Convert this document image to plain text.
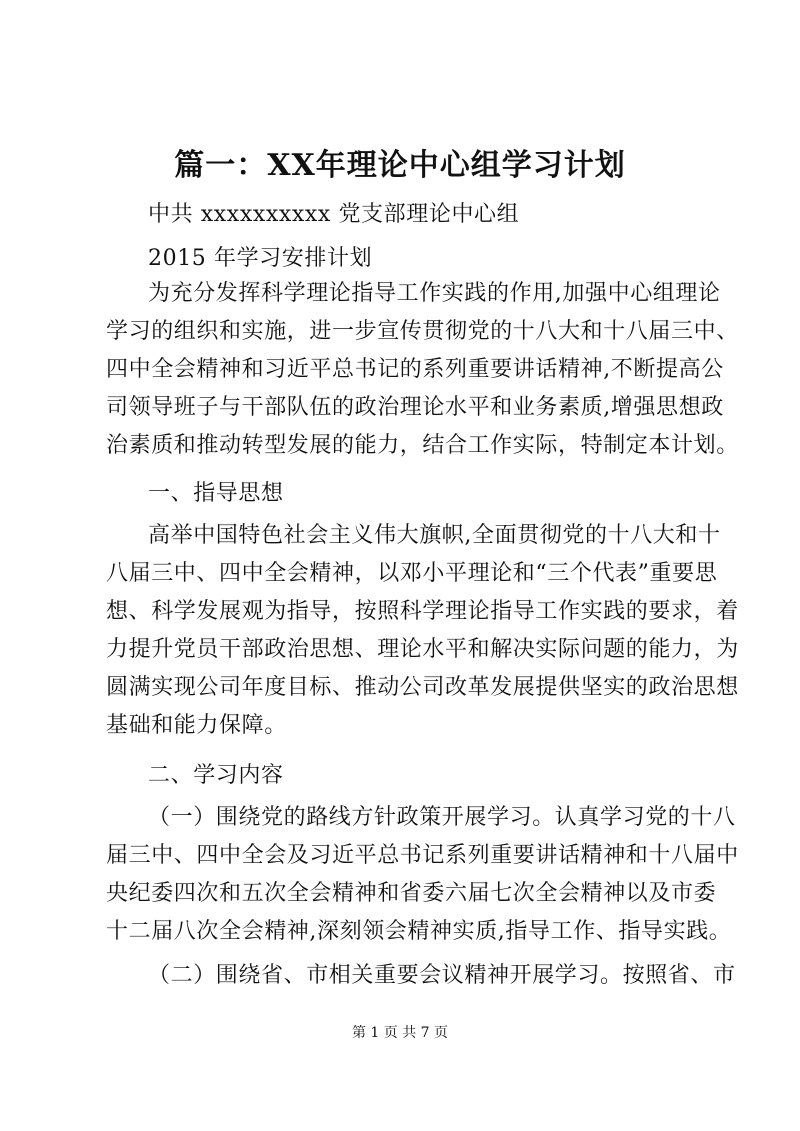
篇一：XX年理论中心组学习计划
中共 xxxxxxxxxx 党支部理论中心组
2015 年学习安排计划
为充分发挥科学理论指导工作实践的作用,加强中心组理论
学习的组织和实施，进一步宣传贯彻党的十八大和十八届三中、
四中全会精神和习近平总书记的系列重要讲话精神,不断提高公
司领导班子与干部队伍的政治理论水平和业务素质,增强思想政
治素质和推动转型发展的能力，结合工作实际，特制定本计划。
一、指导思想
高举中国特色社会主义伟大旗帜,全面贯彻党的十八大和十
八届三中、四中全会精神，以邓小平理论和“三个代表”重要思
想、科学发展观为指导，按照科学理论指导工作实践的要求，着
力提升党员干部政治思想、理论水平和解决实际问题的能力，为
圆满实现公司年度目标、推动公司改革发展提供坚实的政治思想
基础和能力保障。
二、学习内容
（一）围绕党的路线方针政策开展学习。认真学习党的十八
届三中、四中全会及习近平总书记系列重要讲话精神和十八届中
央纪委四次和五次全会精神和省委六届七次全会精神以及市委
十二届八次全会精神,深刻领会精神实质,指导工作、指导实践。
（二）围绕省、市相关重要会议精神开展学习。按照省、市
第 1 页 共 7 页
